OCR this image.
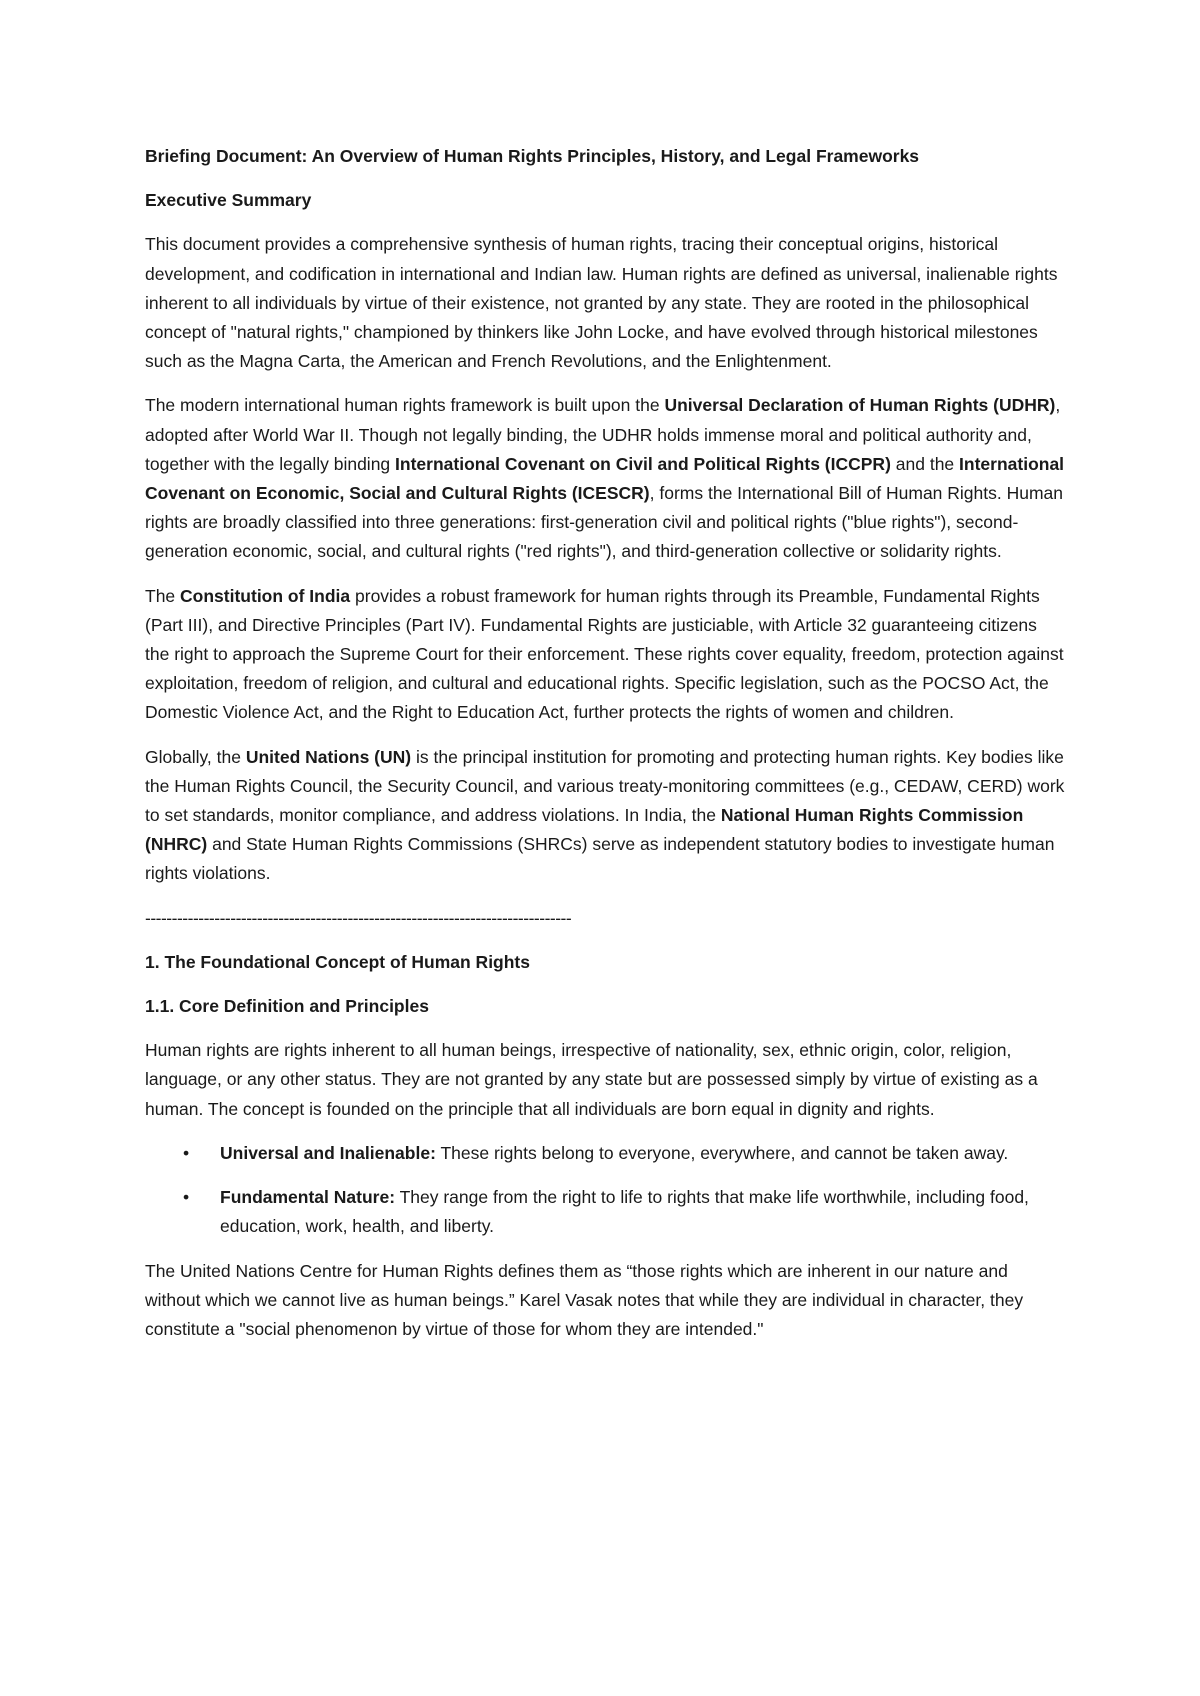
Briefing Document: An Overview of Human Rights Principles, History, and Legal Frameworks
Executive Summary

This document provides a comprehensive synthesis of human rights, tracing their conceptual origins, historical development, and codification in international and Indian law. Human rights are defined as universal, inalienable rights inherent to all individuals by virtue of their existence, not granted by any state. They are rooted in the philosophical concept of "natural rights," championed by thinkers like John Locke, and have evolved through historical milestones such as the Magna Carta, the American and French Revolutions, and the Enlightenment.

The modern international human rights framework is built upon the Universal Declaration of Human Rights (UDHR), adopted after World War II. Though not legally binding, the UDHR holds immense moral and political authority and, together with the legally binding International Covenant on Civil and Political Rights (ICCPR) and the International Covenant on Economic, Social and Cultural Rights (ICESCR), forms the International Bill of Human Rights. Human rights are broadly classified into three generations: first-generation civil and political rights ("blue rights"), second-generation economic, social, and cultural rights ("red rights"), and third-generation collective or solidarity rights.

The Constitution of India provides a robust framework for human rights through its Preamble, Fundamental Rights (Part III), and Directive Principles (Part IV). Fundamental Rights are justiciable, with Article 32 guaranteeing citizens the right to approach the Supreme Court for their enforcement. These rights cover equality, freedom, protection against exploitation, freedom of religion, and cultural and educational rights. Specific legislation, such as the POCSO Act, the Domestic Violence Act, and the Right to Education Act, further protects the rights of women and children.

Globally, the United Nations (UN) is the principal institution for promoting and protecting human rights. Key bodies like the Human Rights Council, the Security Council, and various treaty-monitoring committees (e.g., CEDAW, CERD) work to set standards, monitor compliance, and address violations. In India, the National Human Rights Commission (NHRC) and State Human Rights Commissions (SHRCs) serve as independent statutory bodies to investigate human rights violations.

--------------------------------------------------------------------------------
1. The Foundational Concept of Human Rights
1.1. Core Definition and Principles

Human rights are rights inherent to all human beings, irrespective of nationality, sex, ethnic origin, color, religion, language, or any other status. They are not granted by any state but are possessed simply by virtue of existing as a human. The concept is founded on the principle that all individuals are born equal in dignity and rights.

• Universal and Inalienable: These rights belong to everyone, everywhere, and cannot be taken away.
• Fundamental Nature: They range from the right to life to rights that make life worthwhile, including food, education, work, health, and liberty.

The United Nations Centre for Human Rights defines them as “those rights which are inherent in our nature and without which we cannot live as human beings.” Karel Vasak notes that while they are individual in character, they constitute a "social phenomenon by virtue of those for whom they are intended."
